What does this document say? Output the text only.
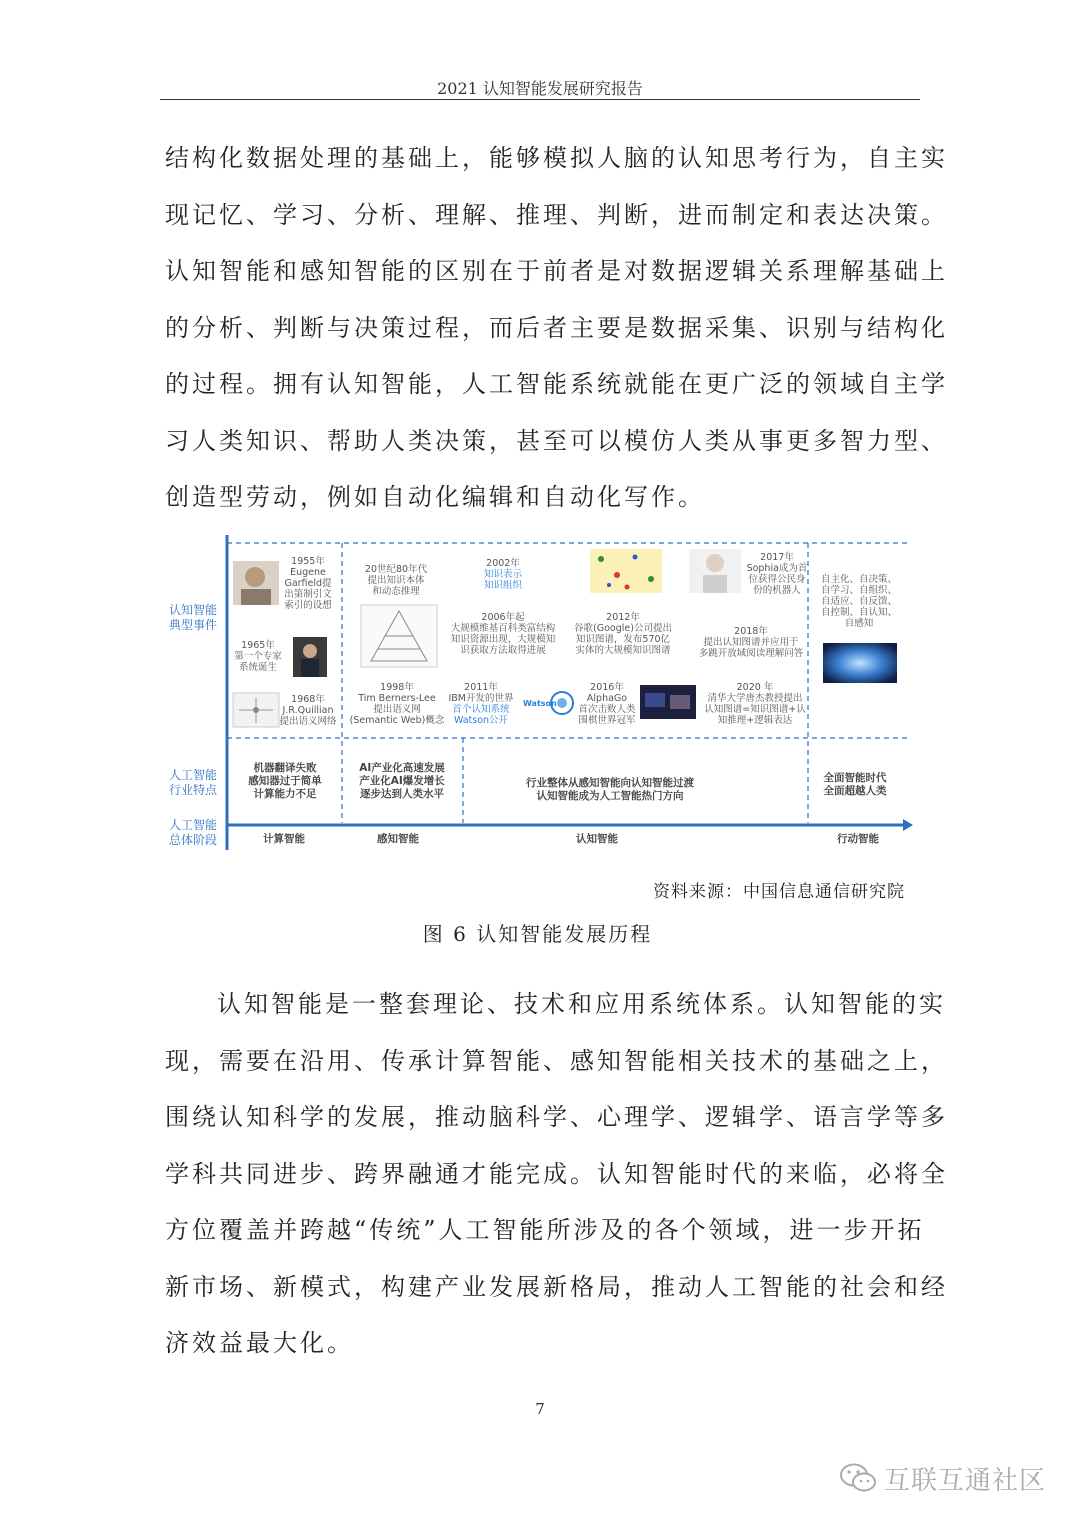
2021 认知智能发展研究报告
结构化数据处理的基础上，能够模拟人脑的认知思考行为，自主实
现记忆、学习、分析、理解、推理、判断，进而制定和表达决策。
认知智能和感知智能的区别在于前者是对数据逻辑关系理解基础上
的分析、判断与决策过程，而后者主要是数据采集、识别与结构化
的过程。拥有认知智能，人工智能系统就能在更广泛的领域自主学
习人类知识、帮助人类决策，甚至可以模仿人类从事更多智力型、
创造型劳动，例如自动化编辑和自动化写作。
认知智能
典型事件
人工智能
行业特点
人工智能
总体阶段
Watson
1955年
Eugene
Garfield提
出第制引文
索引的设想
1965年
第一个专家
系统诞生
1968年
J.R.Quillian
提出语义网络
20世纪80年代
提出知识本体
和动态推理
1998年
Tim Berners-Lee
提出语义网
(Semantic Web)概念
2002年
知识表示
知识组织
2006年起
大规模维基百科类富结构
知识资源出现，大规模知
识获取方法取得进展
2011年
IBM开发的世界
首个认知系统
Watson公开
2012年
谷歌(Google)公司提出
知识图谱，发布570亿
实体的大规模知识图谱
2016年
AlphaGo
首次击败人类
围棋世界冠军
2017年
Sophia成为首
位获得公民身
份的机器人
2018年
提出认知图谱并应用于
多跳开放域阅读理解问答
2020 年
清华大学唐杰教授提出
认知图谱=知识图谱+认
知推理+逻辑表达
自主化、自决策、
自学习、自组织、
自适应、自反馈、
自控制、自认知、
自感知
机器翻译失败
感知器过于简单
计算能力不足
AI产业化高速发展
产业化AI爆发增长
逐步达到人类水平
行业整体从感知智能向认知智能过渡
认知智能成为人工智能热门方向
全面智能时代
全面超越人类
计算智能	感知智能	认知智能	行动智能
资料来源：中国信息通信研究院
图 6 认知智能发展历程
认知智能是一整套理论、技术和应用系统体系。认知智能的实
现，需要在沿用、传承计算智能、感知智能相关技术的基础之上，
围绕认知科学的发展，推动脑科学、心理学、逻辑学、语言学等多
学科共同进步、跨界融通才能完成。认知智能时代的来临，必将全
方位覆盖并跨越“传统”人工智能所涉及的各个领域，进一步开拓
新市场、新模式，构建产业发展新格局，推动人工智能的社会和经
济效益最大化。
7
互联互通社区
